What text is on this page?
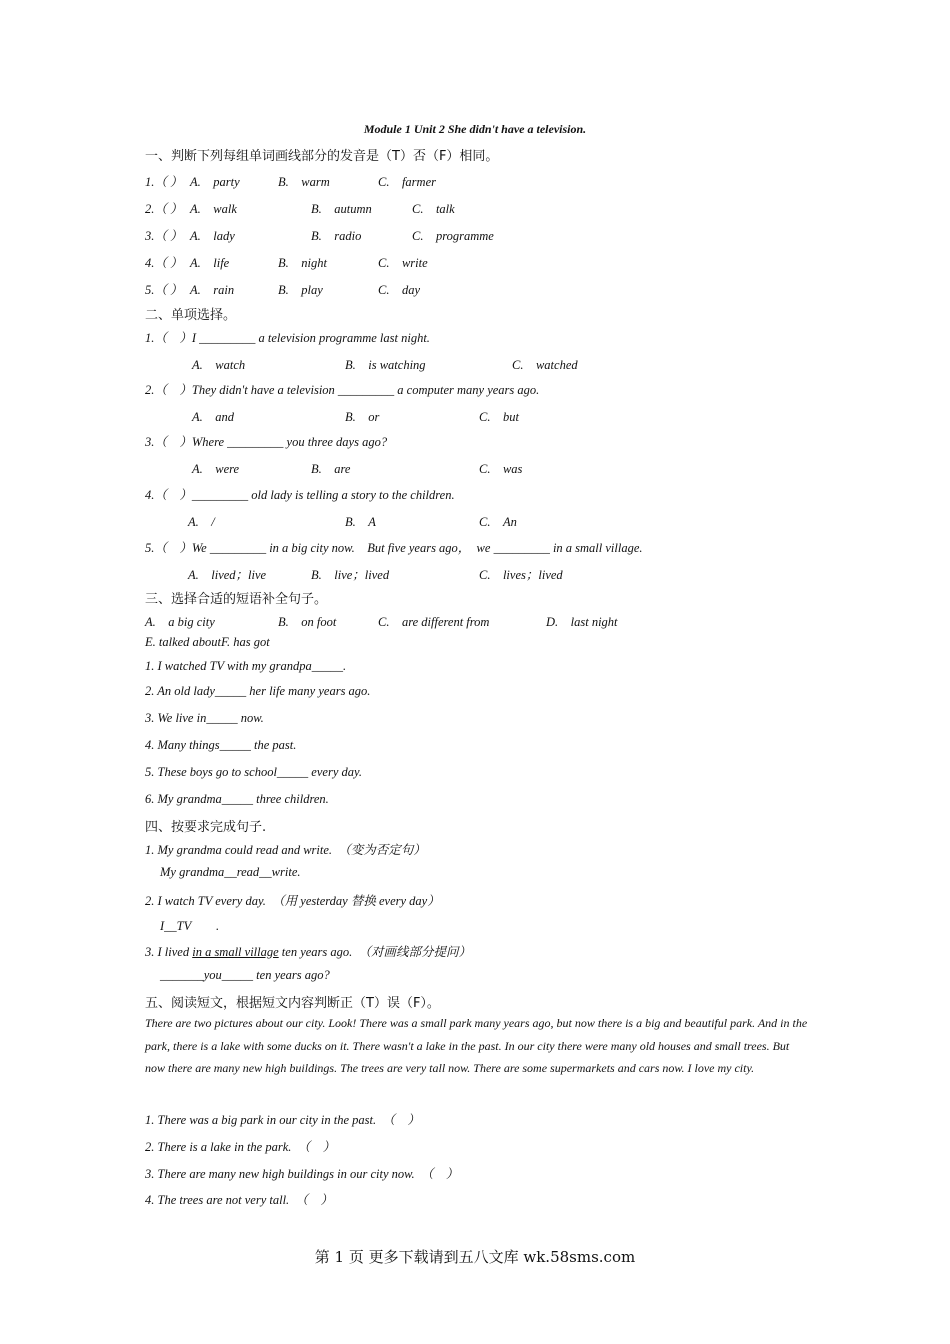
Module 1 Unit 2 She didn't have a television.
一、判断下列每组单词画线部分的发音是（T）否（F）相同。
1.（ ） A.　party	B.　warm	C.　farmer
2.（ ） A.　walk	B.　autumn	C.　talk
3.（ ） A.　lady	B.　radio	C.　programme
4.（ ） A.　life	B.　night	C.　write
5.（ ） A.　rain	B.　play	C.　day
二、单项选择。
1.（　）I _________ a television programme last night.
A.　watch	B.　is watching	C.　watched
2.（　）They didn't have a television _________ a computer many years ago.
A.　and	B.　or	C.　but
3.（　）Where _________ you three days ago?
A.　were	B.　are	C.　was
4.（　）_________ old lady is telling a story to the children.
A.　/	B.　A	C.　An
5.（　）We _________ in a big city now.　But five years ago，　we _________ in a small village.
A.　lived；live	B.　live；lived	C.　lives；lived
三、选择合适的短语补全句子。
A.　a big city	B.　on foot	C.　are different from	D.　last night
E. talked aboutF. has got
1. I watched TV with my grandpa_____.
2. An old lady_____ her life many years ago.
3. We live in_____ now.
4. Many things_____ the past.
5. These boys go to school_____ every day.
6. My grandma_____ three children.
四、按要求完成句子.
1. My grandma could read and write.　（变为否定句）
My grandma__read__write.
2. I watch TV every day.　（用 yesterday 替换 every day）
I__TV　　.
3. I lived in a small village ten years ago.　（对画线部分提问）
_______you_____ ten years ago?
五、阅读短文，根据短文内容判断正（T）误（F）。
There are two pictures about our city. Look! There was a small park many years ago, but now there is a big and beautiful park. And in the park, there is a lake with some ducks on it. There wasn't a lake in the past. In our city there were many old houses and small trees. But now there are many new high buildings. The trees are very tall now. There are some supermarkets and cars now. I love my city.
1. There was a big park in our city in the past.　（　）
2. There is a lake in the park.　（　）
3. There are many new high buildings in our city now.　（　）
4. The trees are not very tall.　（　）
第 1 页 更多下载请到五八文库 wk.58sms.com
